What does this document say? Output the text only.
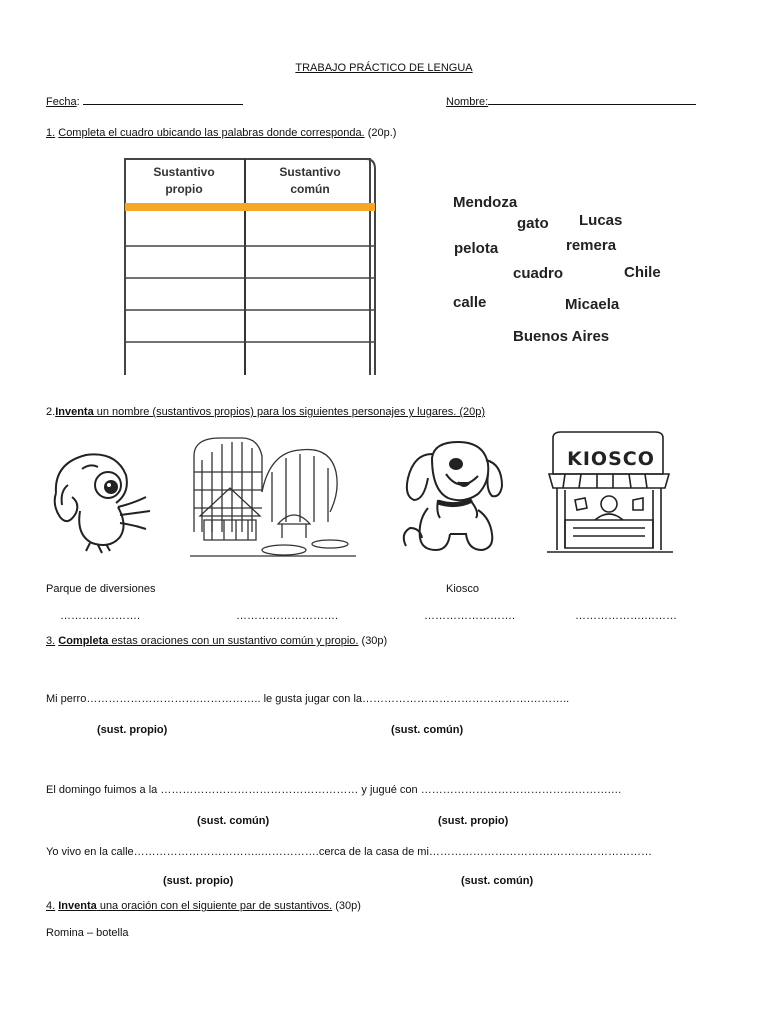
TRABAJO PRÁCTICO DE LENGUA
Fecha:	Nombre:
1. Completa el cuadro ubicando las palabras donde corresponda. (20p.)
Sustantivo
propio
Sustantivo
común
Mendoza
gato Lucas
pelota	remera
cuadro	Chile
calle	Micaela
Buenos Aires
2.Inventa un nombre (sustantivos propios) para los siguientes personajes y lugares. (20p)
KIOSCO
Parque de diversiones	Kiosco
………………….	……………………….	…………………….	……………….………
3. Completa estas oraciones con un sustantivo común y propio. (30p)
Mi perro………………………….…………….. le gusta jugar con la……………………………………….………..
(sust. propio)	(sust. común)
El domingo fuimos a la ……………………………………………… y jugué con …………………………………………….…
(sust. común)	(sust. propio)
Yo vivo en la calle……………………………..…………….cerca de la casa de mi…………………………….………………………
(sust. propio)	(sust. común)
4. Inventa una oración con el siguiente par de sustantivos. (30p)
Romina – botella
